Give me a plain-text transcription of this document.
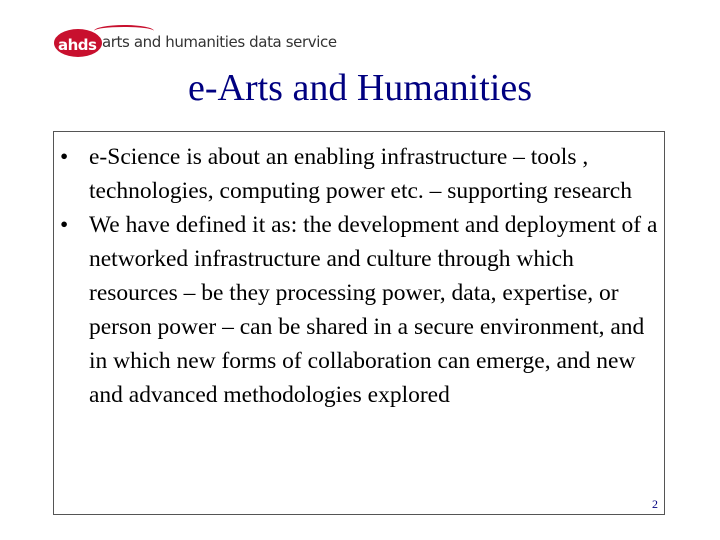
ahds arts and humanities data service
e-Arts and Humanities
• e-Science is about an enabling infrastructure – tools , technologies, computing power etc. – supporting research
• We have defined it as: the development and deployment of a networked infrastructure and culture through which resources – be they processing power, data, expertise, or person power – can be shared in a secure environment, and in which new forms of collaboration can emerge, and new and advanced methodologies explored
2
